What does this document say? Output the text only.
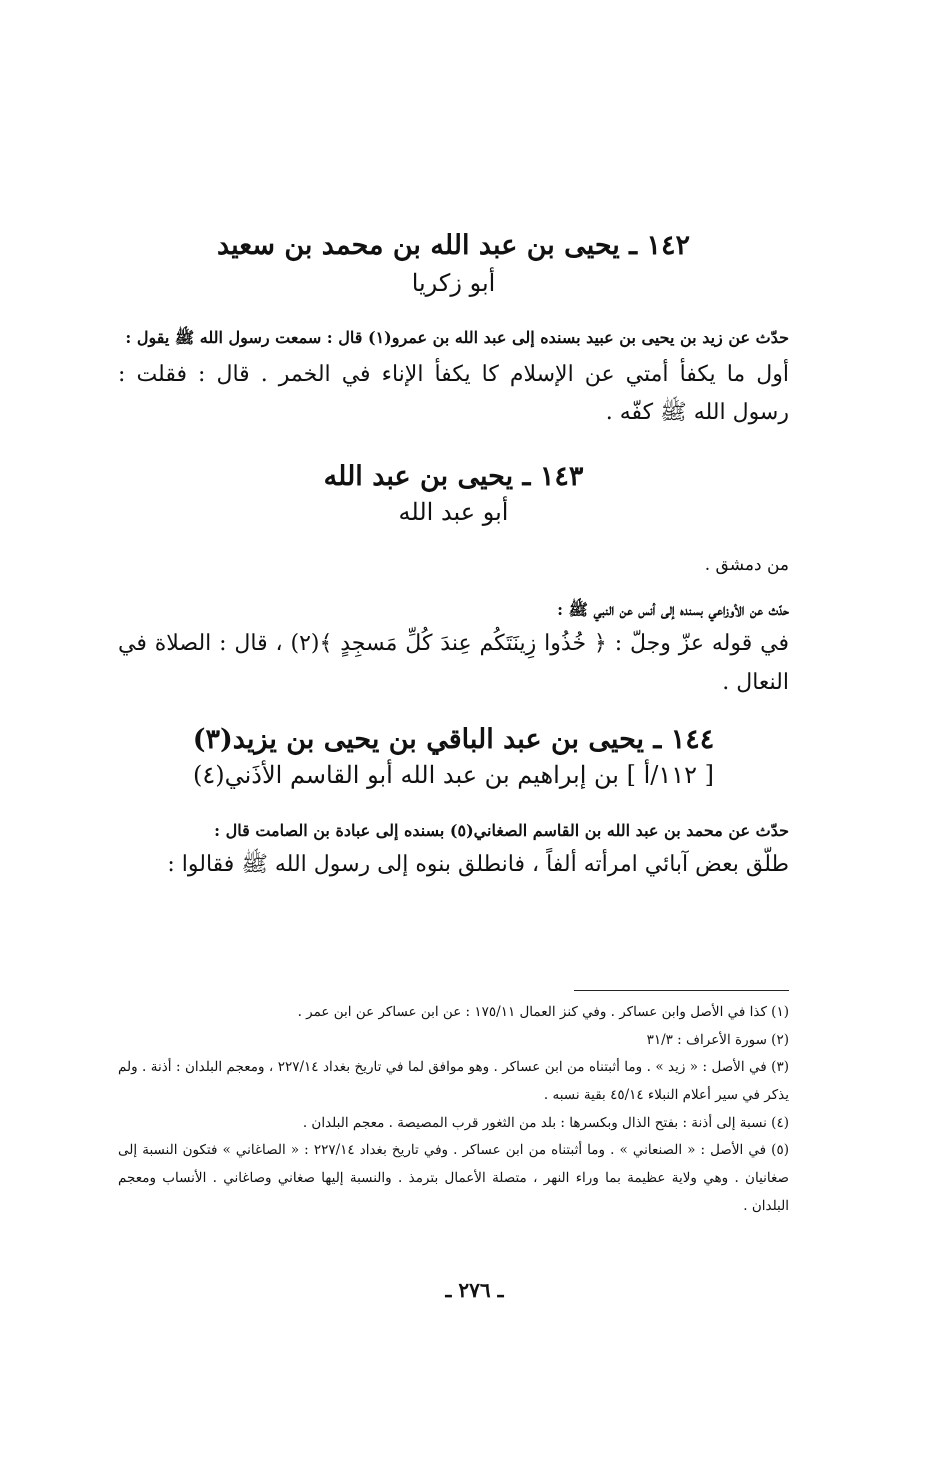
١٤٢ ـ يحيى بن عبد الله بن محمد بن سعيد

أبو زكريا

حدّث عن زيد بن يحيى بن عبيد بسنده إلى عبد الله بن عمرو(١) قال : سمعت رسول الله ﷺ يقول :

أول ما يكفأ أمتي عن الإسلام كا يكفأ الإناء في الخمر . قال : فقلت : رسول الله ﷺ كفّه .

١٤٣ ـ يحيى بن عبد الله

أبو عبد الله

من دمشق .

حدّث عن الأوزاعي بسنده إلى أنس عن النبي ﷺ :

في قوله عزّ وجلّ : ﴿ خُذُوا زِينَتَكُم عِندَ كُلِّ مَسجِدٍ ﴾(٢) ، قال : الصلاة في النعال .

١٤٤ ـ يحيى بن عبد الباقي بن يحيى بن يزيد(٣)

[ ١١٢/أ ] بن إبراهيم بن عبد الله أبو القاسم الأذَني(٤)

حدّث عن محمد بن عبد الله بن القاسم الصغاني(٥) بسنده إلى عبادة بن الصامت قال :

طلّق بعض آبائي امرأته ألفاً ، فانطلق بنوه إلى رسول الله ﷺ فقالوا :

(١) كذا في الأصل وابن عساكر . وفي كنز العمال ١٧٥/١١ : عن ابن عساكر عن ابن عمر .

(٢) سورة الأعراف : ٣١/٣

(٣) في الأصل : « زيد » . وما أثبتناه من ابن عساكر . وهو موافق لما في تاريخ بغداد ٢٢٧/١٤ ، ومعجم البلدان : أذنة . ولم يذكر في سير أعلام النبلاء ٤٥/١٤ بقية نسبه .

(٤) نسبة إلى أذنة : بفتح الذال وبكسرها : بلد من الثغور قرب المصيصة . معجم البلدان .

(٥) في الأصل : « الصنعاني » . وما أثبتناه من ابن عساكر . وفي تاريخ بغداد ٢٢٧/١٤ : « الصاغاني » فتكون النسبة إلى صغانيان . وهي ولاية عظيمة بما وراء النهر ، متصلة الأعمال بترمذ . والنسبة إليها صغاني وصاغاني . الأنساب ومعجم البلدان .

ـ ٢٧٦ ـ
